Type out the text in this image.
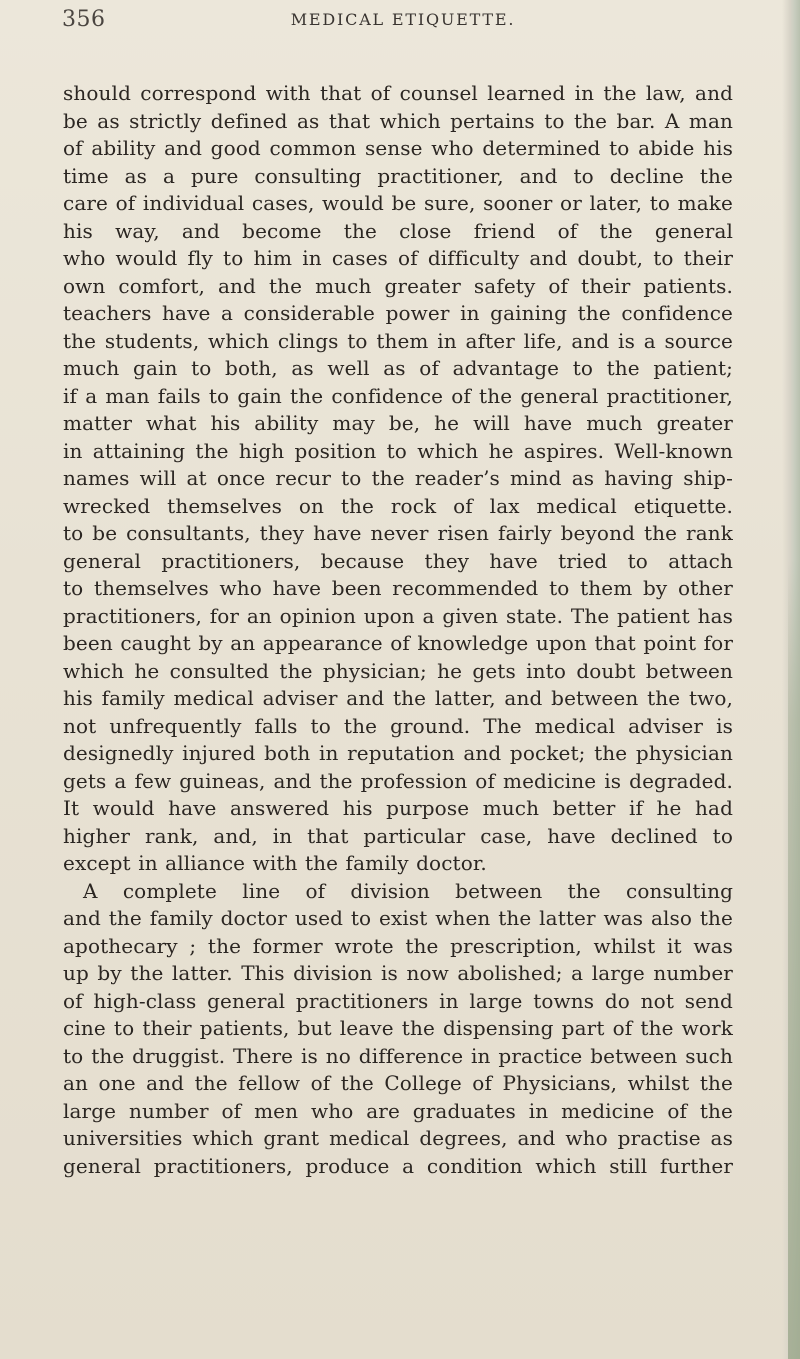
356	MEDICAL ETIQUETTE.
should correspond with that of counsel learned in the law, and
be as strictly defined as that which pertains to the bar. A man
of ability and good common sense who determined to abide his
time as a pure consulting practitioner, and to decline the
care of individual cases, would be sure, sooner or later, to make
his way, and become the close friend of the general
who would fly to him in cases of difficulty and doubt, to their
own comfort, and the much greater safety of their patients.
teachers have a considerable power in gaining the confidence
the students, which clings to them in after life, and is a source
much gain to both, as well as of advantage to the patient;
if a man fails to gain the confidence of the general practitioner,
matter what his ability may be, he will have much greater
in attaining the high position to which he aspires. Well-known
names will at once recur to the reader’s mind as having ship-
wrecked themselves on the rock of lax medical etiquette.
to be consultants, they have never risen fairly beyond the rank
general practitioners, because they have tried to attach
to themselves who have been recommended to them by other
practitioners, for an opinion upon a given state. The patient has
been caught by an appearance of knowledge upon that point for
which he consulted the physician; he gets into doubt between
his family medical adviser and the latter, and between the two,
not unfrequently falls to the ground. The medical adviser is
designedly injured both in reputation and pocket; the physician
gets a few guineas, and the profession of medicine is degraded.
It would have answered his purpose much better if he had
higher rank, and, in that particular case, have declined to
except in alliance with the family doctor.
A complete line of division between the consulting
and the family doctor used to exist when the latter was also the
apothecary ; the former wrote the prescription, whilst it was
up by the latter. This division is now abolished; a large number
of high-class general practitioners in large towns do not send
cine to their patients, but leave the dispensing part of the work
to the druggist. There is no difference in practice between such
an one and the fellow of the College of Physicians, whilst the
large number of men who are graduates in medicine of the
universities which grant medical degrees, and who practise as
general practitioners, produce a condition which still further
